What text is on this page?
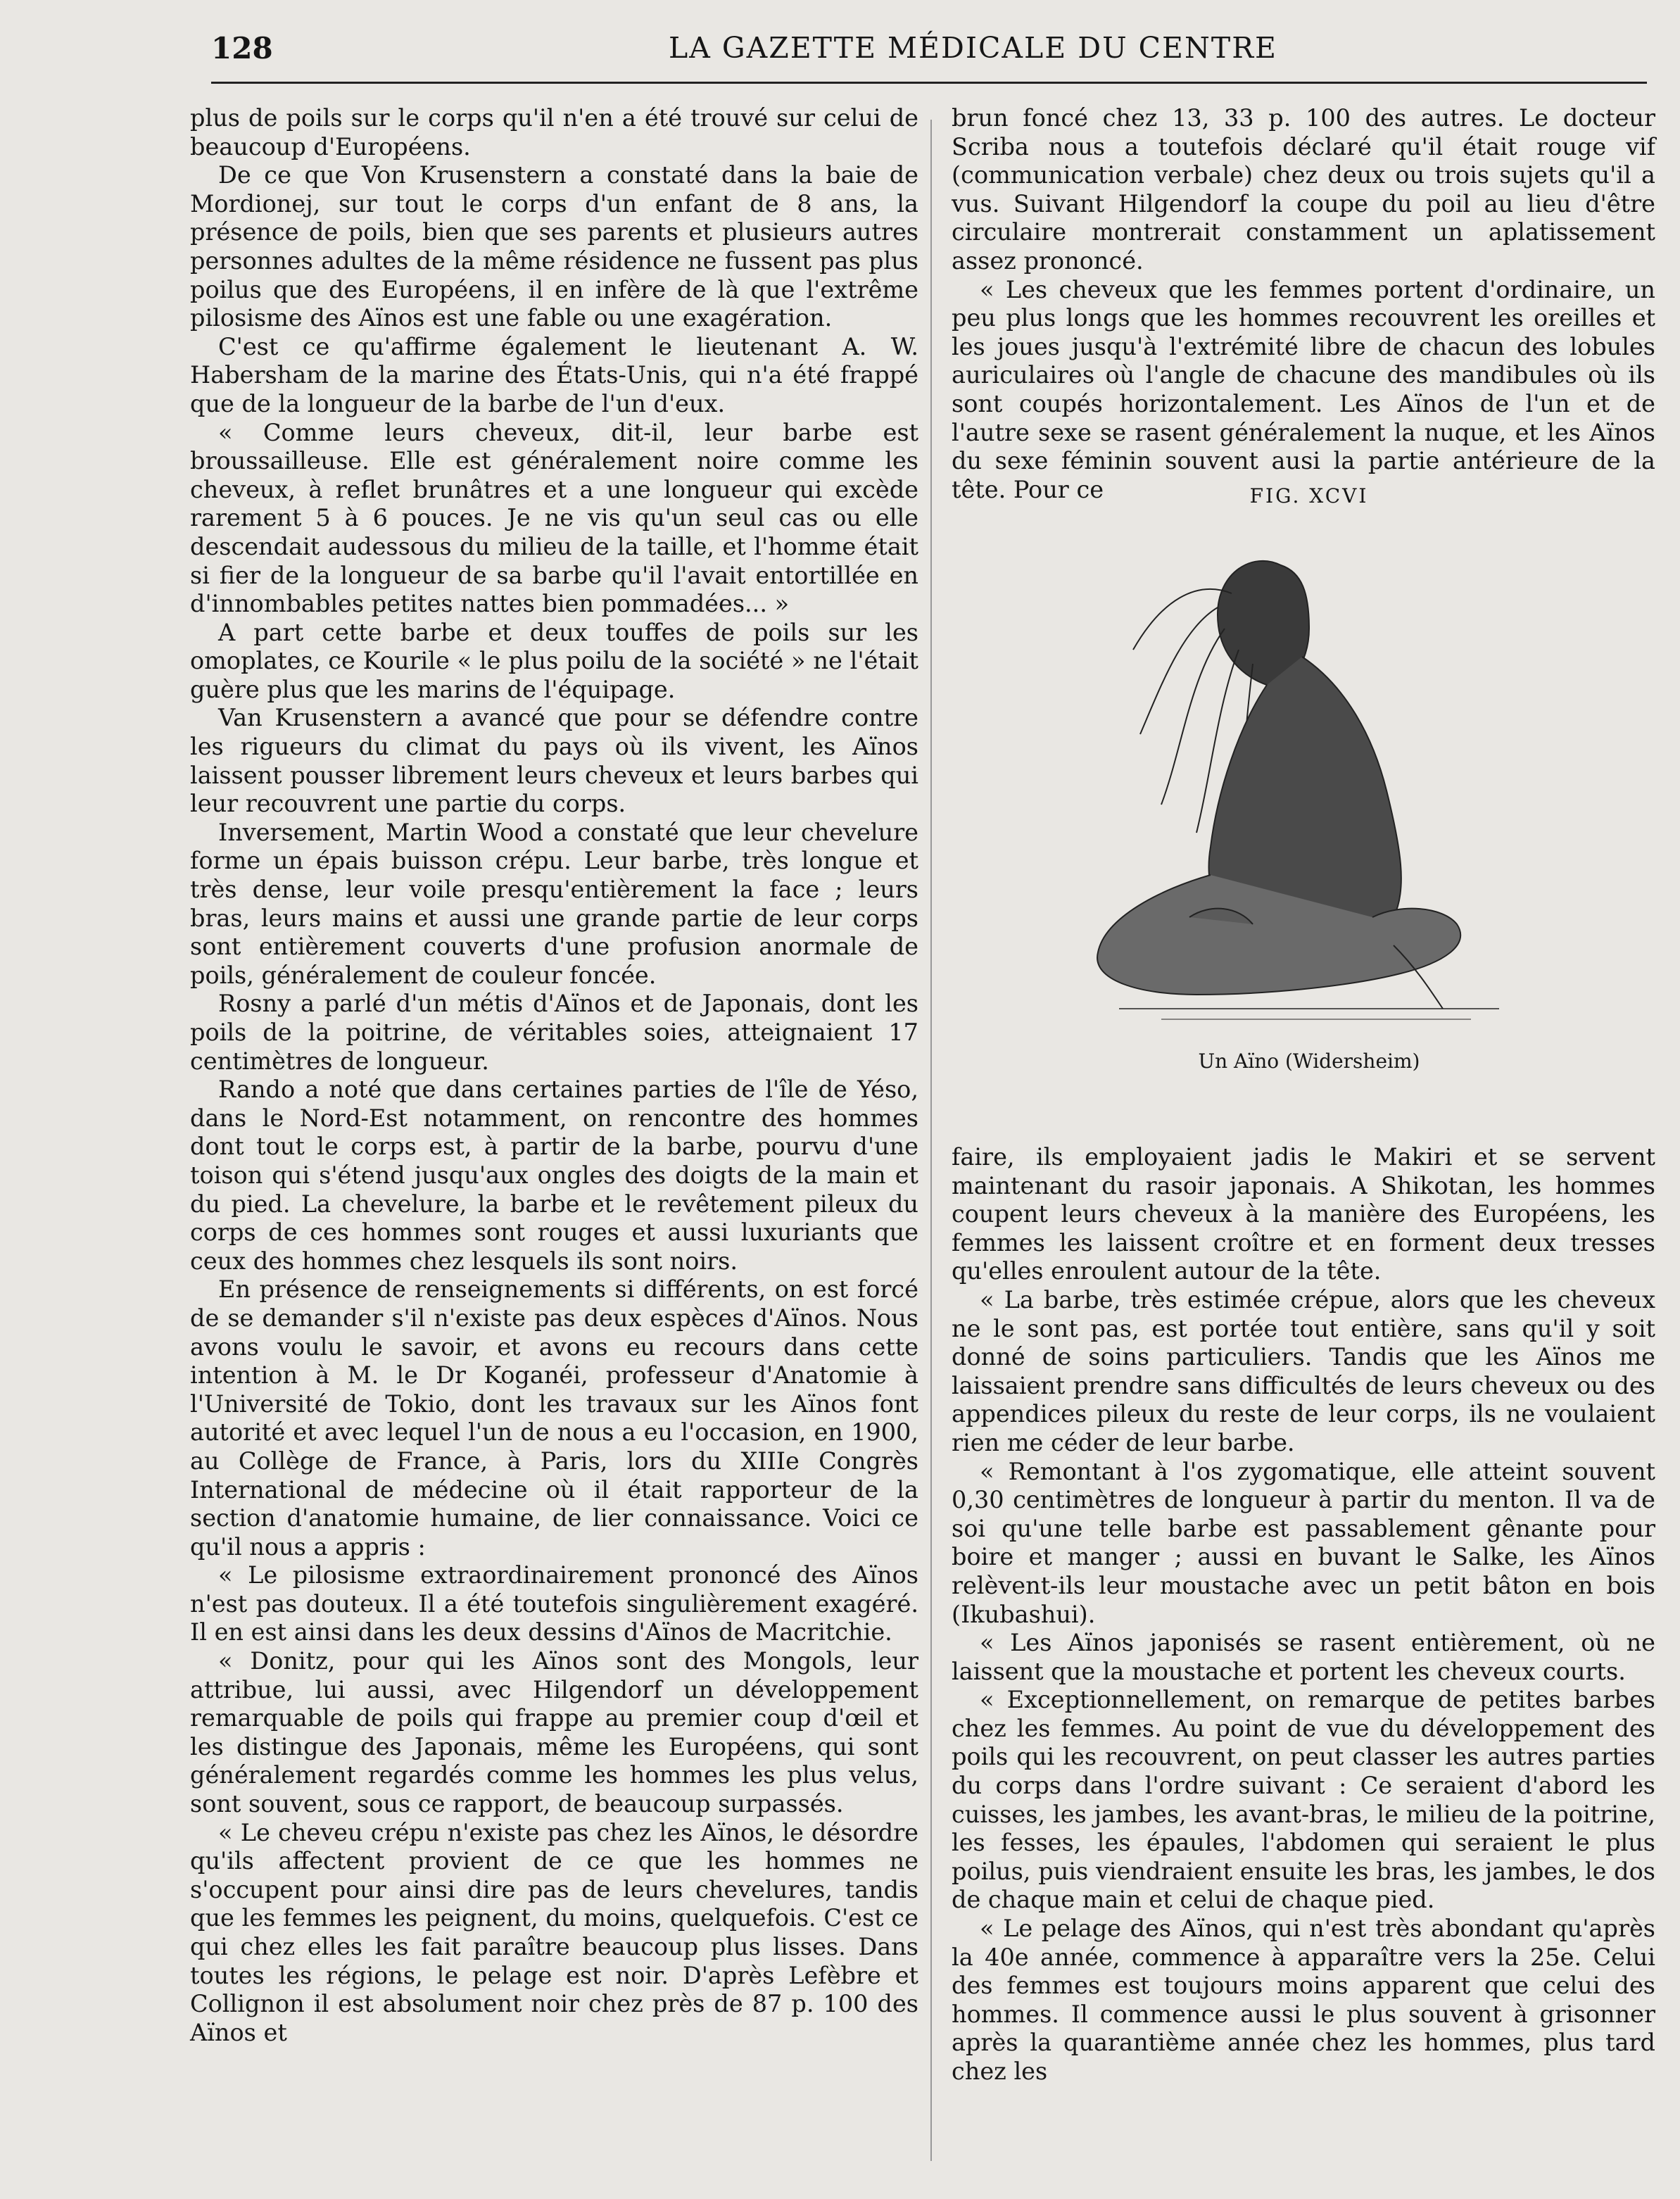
128	LA GAZETTE MÉDICALE DU CENTRE

plus de poils sur le corps qu'il n'en a été trouvé sur celui de beaucoup d'Européens.

De ce que Von Krusenstern a constaté dans la baie de Mordionej, sur tout le corps d'un enfant de 8 ans, la présence de poils, bien que ses parents et plusieurs autres personnes adultes de la même résidence ne fussent pas plus poilus que des Européens, il en infère de là que l'extrême pilosisme des Aïnos est une fable ou une exagération.

C'est ce qu'affirme également le lieutenant A. W. Habersham de la marine des États-Unis, qui n'a été frappé que de la longueur de la barbe de l'un d'eux.

« Comme leurs cheveux, dit-il, leur barbe est broussailleuse. Elle est généralement noire comme les cheveux, à reflet brunâtres et a une longueur qui excède rarement 5 à 6 pouces. Je ne vis qu'un seul cas ou elle descendait audessous du milieu de la taille, et l'homme était si fier de la longueur de sa barbe qu'il l'avait entortillée en d'innombables petites nattes bien pommadées... »

A part cette barbe et deux touffes de poils sur les omoplates, ce Kourile « le plus poilu de la société » ne l'était guère plus que les marins de l'équipage.

Van Krusenstern a avancé que pour se défendre contre les rigueurs du climat du pays où ils vivent, les Aïnos laissent pousser librement leurs cheveux et leurs barbes qui leur recouvrent une partie du corps.

Inversement, Martin Wood a constaté que leur chevelure forme un épais buisson crépu. Leur barbe, très longue et très dense, leur voile presqu'entièrement la face ; leurs bras, leurs mains et aussi une grande partie de leur corps sont entièrement couverts d'une profusion anormale de poils, généralement de couleur foncée.

Rosny a parlé d'un métis d'Aïnos et de Japonais, dont les poils de la poitrine, de véritables soies, atteignaient 17 centimètres de longueur.

Rando a noté que dans certaines parties de l'île de Yéso, dans le Nord-Est notamment, on rencontre des hommes dont tout le corps est, à partir de la barbe, pourvu d'une toison qui s'étend jusqu'aux ongles des doigts de la main et du pied. La chevelure, la barbe et le revêtement pileux du corps de ces hommes sont rouges et aussi luxuriants que ceux des hommes chez lesquels ils sont noirs.

En présence de renseignements si différents, on est forcé de se demander s'il n'existe pas deux espèces d'Aïnos. Nous avons voulu le savoir, et avons eu recours dans cette intention à M. le Dr Koganéi, professeur d'Anatomie à l'Université de Tokio, dont les travaux sur les Aïnos font autorité et avec lequel l'un de nous a eu l'occasion, en 1900, au Collège de France, à Paris, lors du XIIIe Congrès International de médecine où il était rapporteur de la section d'anatomie humaine, de lier connaissance. Voici ce qu'il nous a appris :

« Le pilosisme extraordinairement prononcé des Aïnos n'est pas douteux. Il a été toutefois singulièrement exagéré. Il en est ainsi dans les deux dessins d'Aïnos de Macritchie.

« Donitz, pour qui les Aïnos sont des Mongols, leur attribue, lui aussi, avec Hilgendorf un développement remarquable de poils qui frappe au premier coup d'œil et les distingue des Japonais, même les Européens, qui sont généralement regardés comme les hommes les plus velus, sont souvent, sous ce rapport, de beaucoup surpassés.

« Le cheveu crépu n'existe pas chez les Aïnos, le désordre qu'ils affectent provient de ce que les hommes ne s'occupent pour ainsi dire pas de leurs chevelures, tandis que les femmes les peignent, du moins, quelquefois. C'est ce qui chez elles les fait paraître beaucoup plus lisses. Dans toutes les régions, le pelage est noir. D'après Lefèbre et Collignon il est absolument noir chez près de 87 p. 100 des Aïnos et

brun foncé chez 13, 33 p. 100 des autres. Le docteur Scriba nous a toutefois déclaré qu'il était rouge vif (communication verbale) chez deux ou trois sujets qu'il a vus. Suivant Hilgendorf la coupe du poil au lieu d'être circulaire montrerait constamment un aplatissement assez prononcé.

« Les cheveux que les femmes portent d'ordinaire, un peu plus longs que les hommes recouvrent les oreilles et les joues jusqu'à l'extrémité libre de chacun des lobules auriculaires où l'angle de chacune des mandibules où ils sont coupés horizontalement. Les Aïnos de l'un et de l'autre sexe se rasent généralement la nuque, et les Aïnos du sexe féminin souvent ausi la partie antérieure de la tête. Pour ce	FIG. XCVI
Un Aïno (Widersheim)

faire, ils employaient jadis le Makiri et se servent maintenant du rasoir japonais. A Shikotan, les hommes coupent leurs cheveux à la manière des Européens, les femmes les laissent croître et en forment deux tresses qu'elles enroulent autour de la tête.

« La barbe, très estimée crépue, alors que les cheveux ne le sont pas, est portée tout entière, sans qu'il y soit donné de soins particuliers. Tandis que les Aïnos me laissaient prendre sans difficultés de leurs cheveux ou des appendices pileux du reste de leur corps, ils ne voulaient rien me céder de leur barbe.

« Remontant à l'os zygomatique, elle atteint souvent 0,30 centimètres de longueur à partir du menton. Il va de soi qu'une telle barbe est passablement gênante pour boire et manger ; aussi en buvant le Salke, les Aïnos relèvent-ils leur moustache avec un petit bâton en bois (Ikubashui).

« Les Aïnos japonisés se rasent entièrement, où ne laissent que la moustache et portent les cheveux courts.

« Exceptionnellement, on remarque de petites barbes chez les femmes. Au point de vue du développement des poils qui les recouvrent, on peut classer les autres parties du corps dans l'ordre suivant : Ce seraient d'abord les cuisses, les jambes, les avant-bras, le milieu de la poitrine, les fesses, les épaules, l'abdomen qui seraient le plus poilus, puis viendraient ensuite les bras, les jambes, le dos de chaque main et celui de chaque pied.

« Le pelage des Aïnos, qui n'est très abondant qu'après la 40e année, commence à apparaître vers la 25e. Celui des femmes est toujours moins apparent que celui des hommes. Il commence aussi le plus souvent à grisonner après la quarantième année chez les hommes, plus tard chez les
